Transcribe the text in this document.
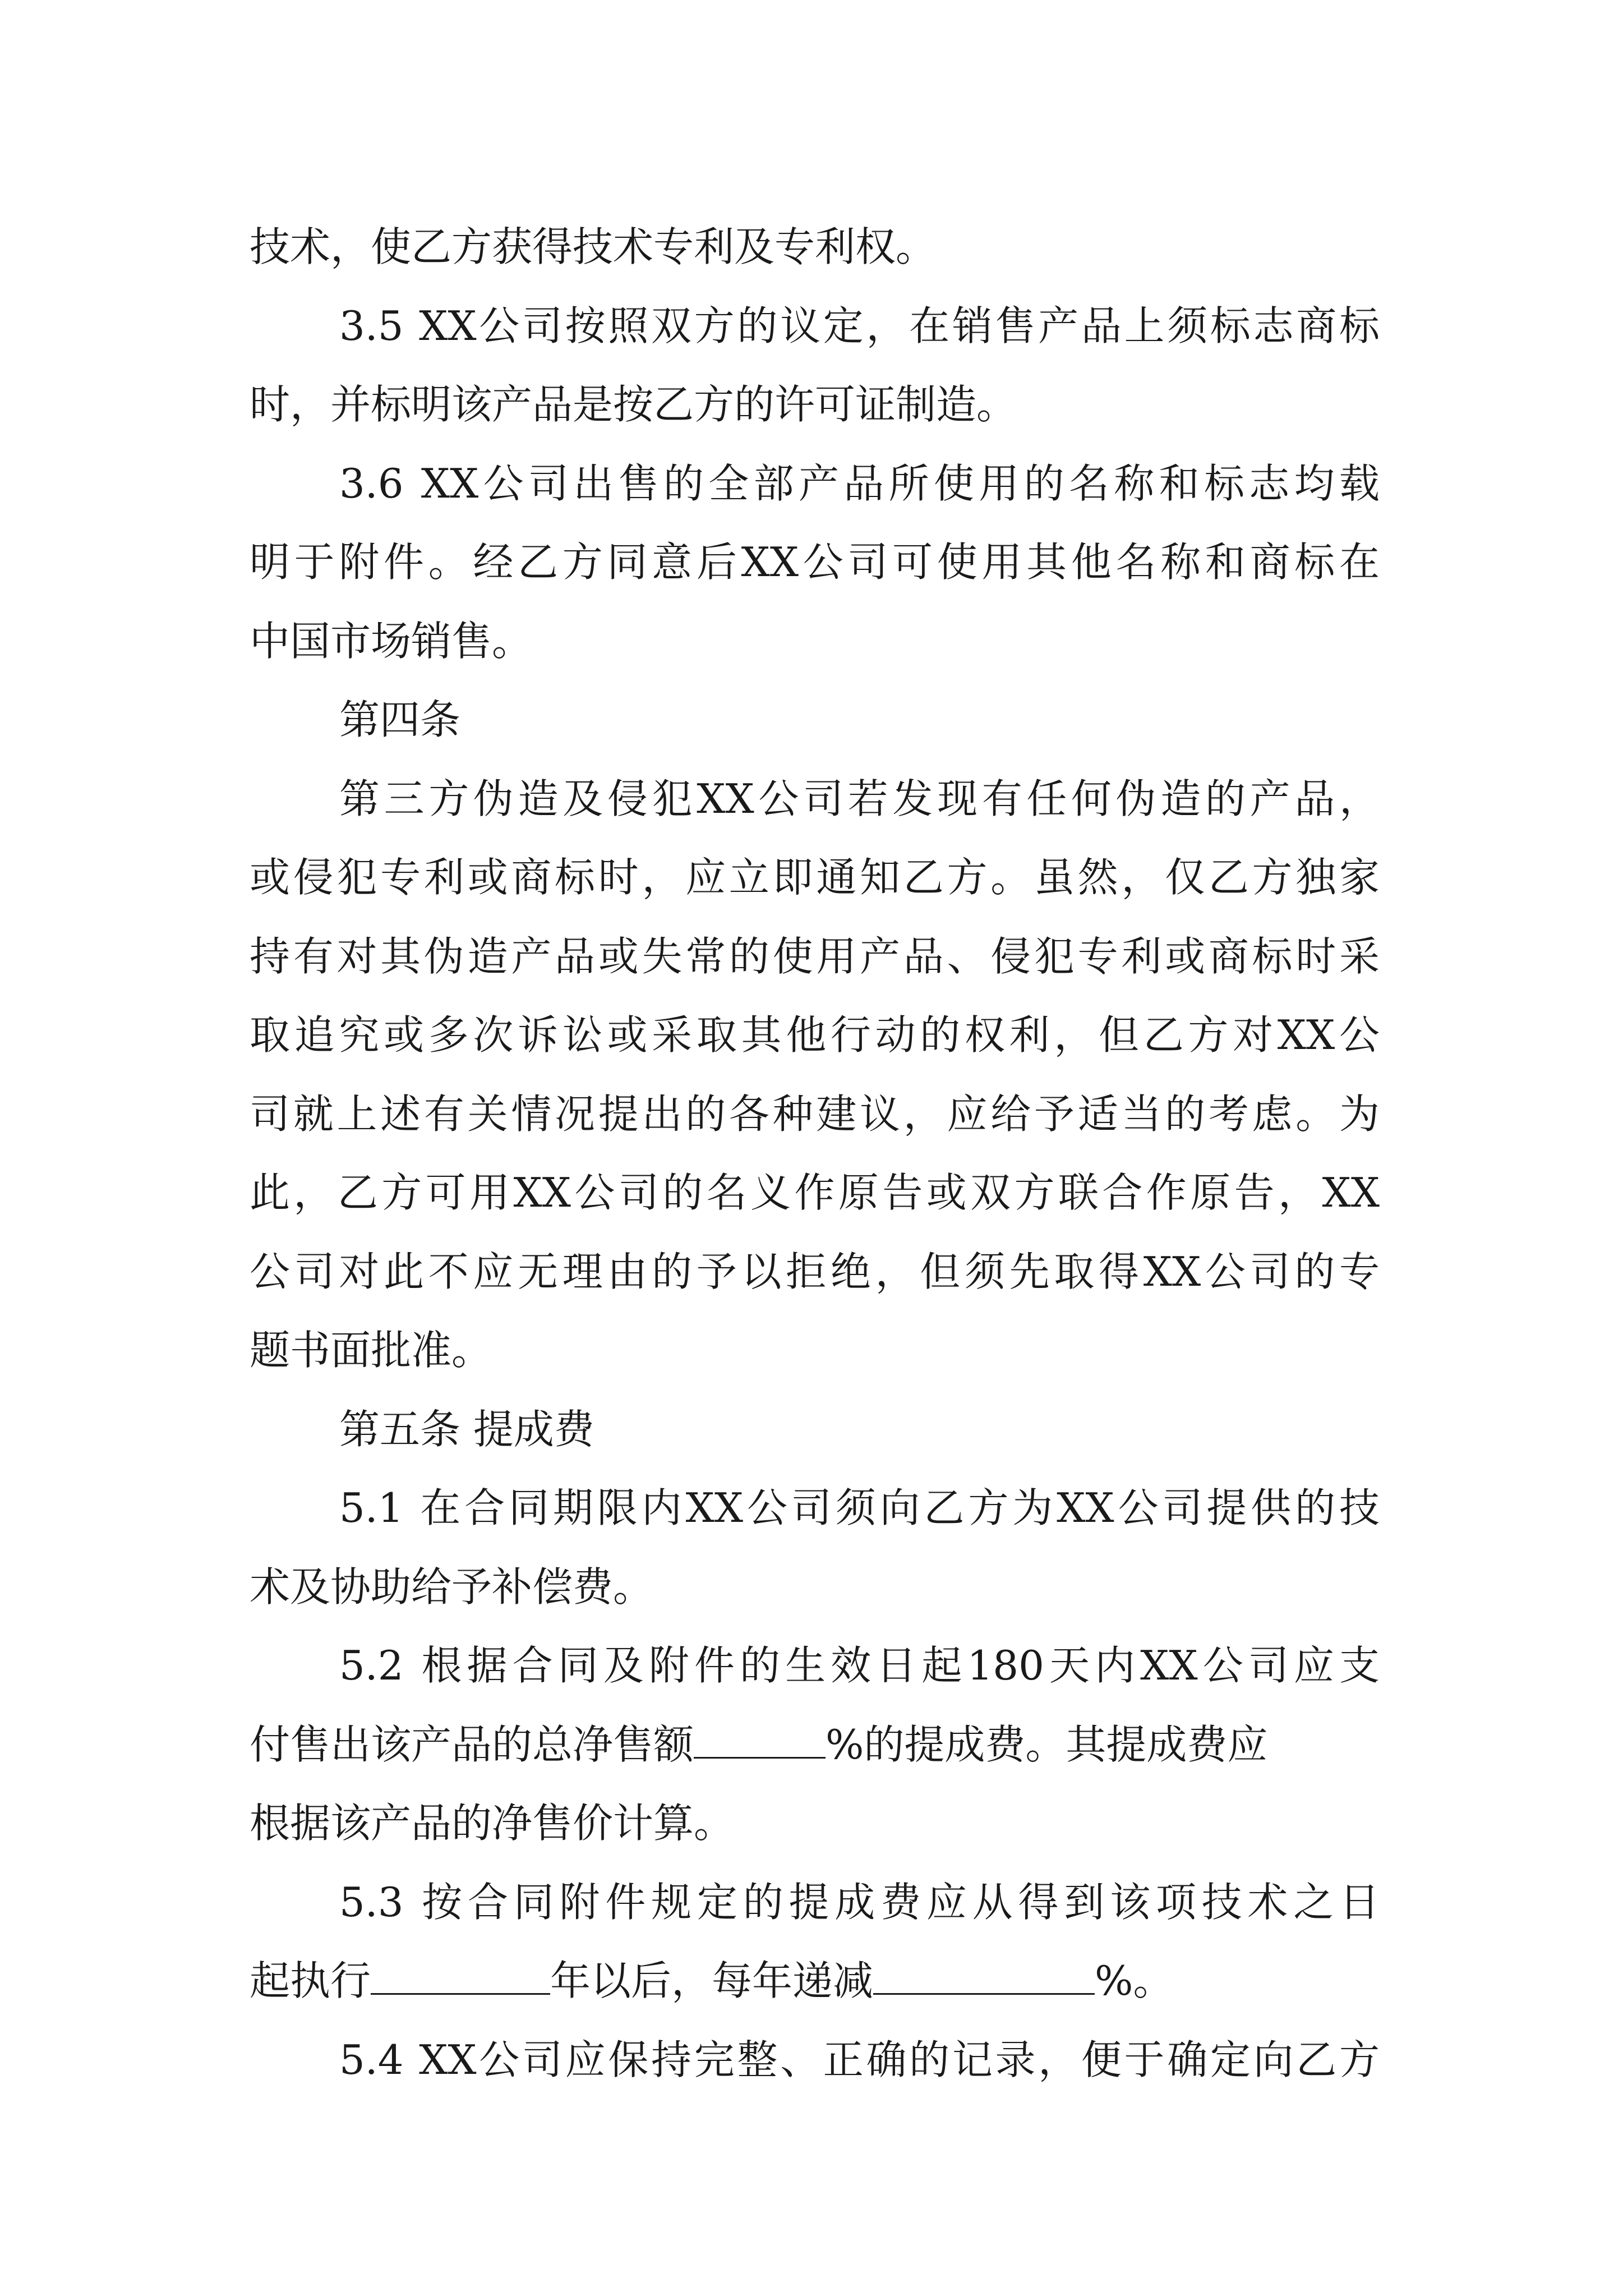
技术，使乙方获得技术专利及专利权。
3.5 XX公司按照双方的议定，在销售产品上须标志商标
时，并标明该产品是按乙方的许可证制造。
3.6 XX公司出售的全部产品所使用的名称和标志均载
明于附件。经乙方同意后XX公司可使用其他名称和商标在
中国市场销售。
第四条
第三方伪造及侵犯XX公司若发现有任何伪造的产品，
或侵犯专利或商标时，应立即通知乙方。虽然，仅乙方独家
持有对其伪造产品或失常的使用产品、侵犯专利或商标时采
取追究或多次诉讼或采取其他行动的权利，但乙方对XX公
司就上述有关情况提出的各种建议，应给予适当的考虑。为
此，乙方可用XX公司的名义作原告或双方联合作原告，XX
公司对此不应无理由的予以拒绝，但须先取得XX公司的专
题书面批准。
第五条 提成费
5.1 在合同期限内XX公司须向乙方为XX公司提供的技
术及协助给予补偿费。
5.2 根据合同及附件的生效日起180天内XX公司应支
付售出该产品的总净售额	%的提成费。其提成费应
根据该产品的净售价计算。
5.3 按合同附件规定的提成费应从得到该项技术之日
起执行	年以后，每年递减	%。
5.4 XX公司应保持完整、正确的记录，便于确定向乙方
